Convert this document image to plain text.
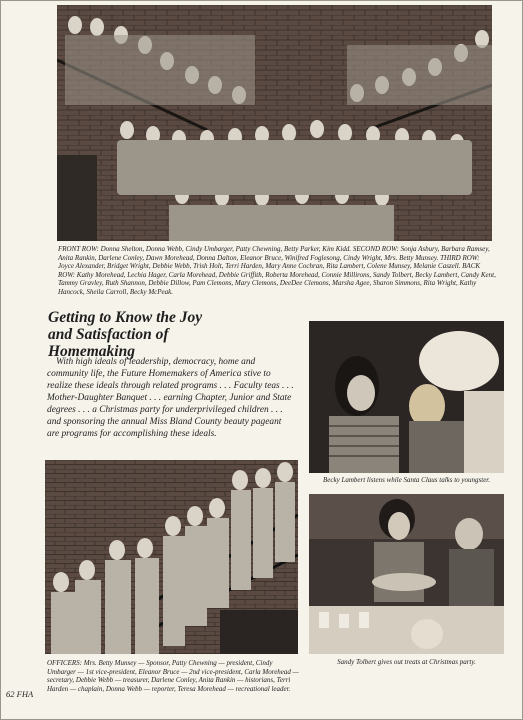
FRONT ROW: Donna Shelton, Donna Webb, Cindy Umbarger, Patty Chewning, Betty Parker, Kim Kidd. SECOND ROW: Sonja Asbury, Barbara Ramsey, Anita Rankin, Darlene Conley, Dawn Morehead, Donna Dalton, Eleanor Bruce, Winifred Foglesong, Cindy Wright, Mrs. Betty Munsey. THIRD ROW: Joyce Alexander, Bridget Wright, Debbie Webb, Trish Holt, Terri Harden, Mary Anne Cochran, Rita Lambert, Colene Munsey, Melanie Caszell. BACK ROW: Kathy Morehead, Lechia Hager, Carla Morehead, Debbie Griffith, Roberta Morehead, Connie Millirons, Sandy Tolbert, Becky Lambert, Candy Kent, Tammy Gravley, Ruth Shannon, Debbie Dillow, Pam Clemons, Mary Clemons, DeeDee Clemons, Marsha Agee, Sharon Simmons, Rita Wright, Kathy Hancock, Sheila Carroll, Becky McPeak.

Getting to Know the Joy
and Satisfaction of
Homemaking

With high ideals of leadership, democracy, home and community life, the Future Homemakers of America stive to realize these ideals through related programs . . . Faculty teas . . . Mother-Daughter Banquet . . . earning Chapter, Junior and State degrees . . . a Christmas party for underprivileged children . . . and sponsoring the annual Miss Bland County beauty pageant are programs for accomplishing these ideals.

Becky Lambert listens while Santa Claus talks to youngster.

OFFICERS: Mrs. Betty Munsey — Sponsor, Patty Chewning — president, Cindy Umbarger — 1st vice-president, Eleanor Bruce — 2nd vice-president, Carla Morehead — secretary, Debbie Webb — treasurer, Darlene Conley, Anita Rankin — historians, Terri Harden — chaplain, Donna Webb — reporter, Teresa Morehead — recreational leader.

Sandy Tolbert gives out treats at Christmas party.

62 FHA
